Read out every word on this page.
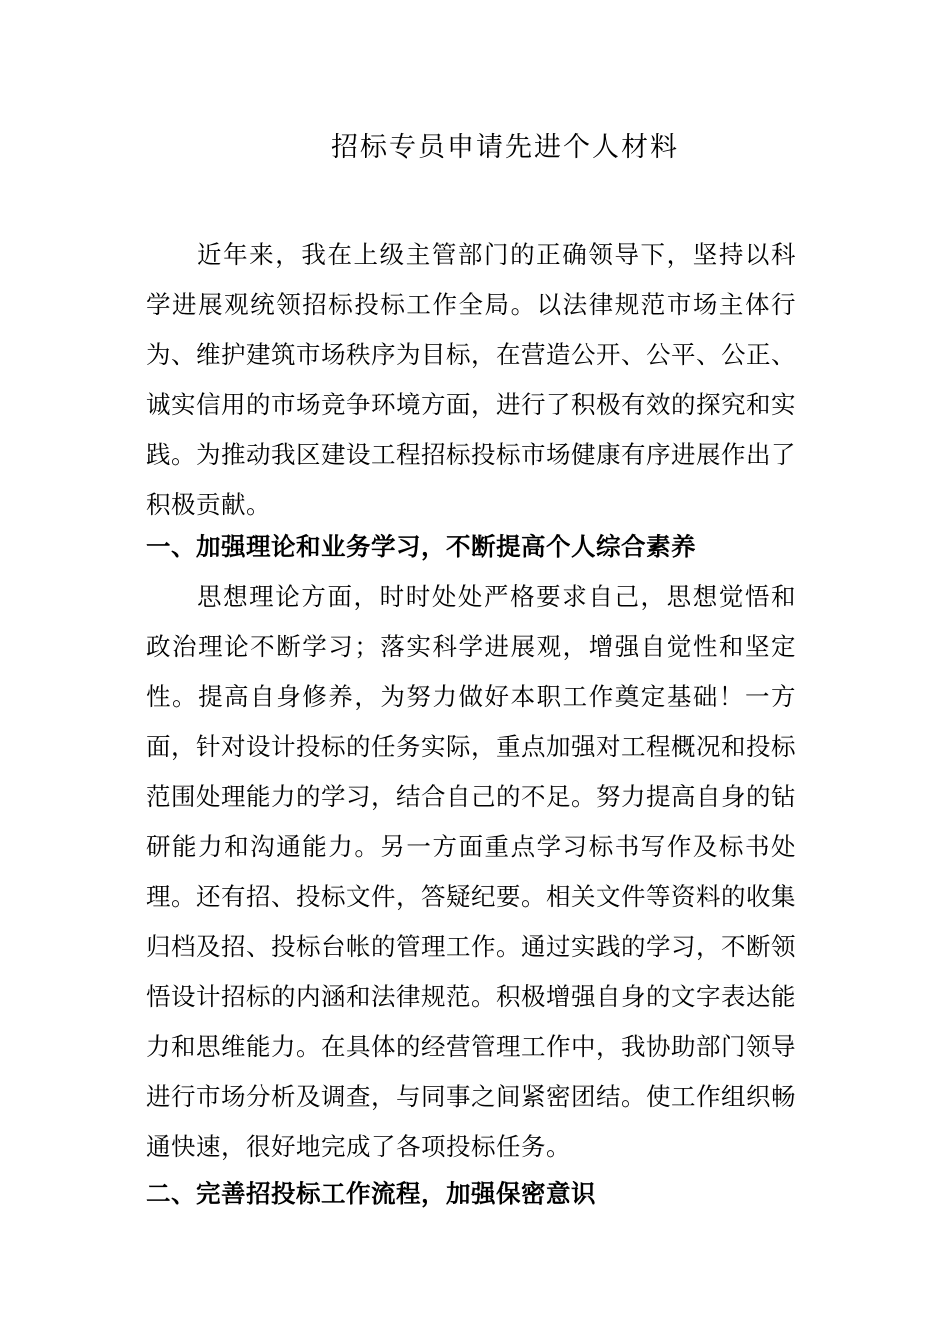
招标专员申请先进个人材料

近年来，我在上级主管部门的正确领导下，坚持以科学进展观统领招标投标工作全局。以法律规范市场主体行为、维护建筑市场秩序为目标，在营造公开、公平、公正、诚实信用的市场竞争环境方面，进行了积极有效的探究和实践。为推动我区建设工程招标投标市场健康有序进展作出了积极贡献。

一、加强理论和业务学习，不断提高个人综合素养

思想理论方面，时时处处严格要求自己，思想觉悟和政治理论不断学习；落实科学进展观，增强自觉性和坚定性。提高自身修养，为努力做好本职工作奠定基础！一方面，针对设计投标的任务实际，重点加强对工程概况和投标范围处理能力的学习，结合自己的不足。努力提高自身的钻研能力和沟通能力。另一方面重点学习标书写作及标书处理。还有招、投标文件，答疑纪要。相关文件等资料的收集归档及招、投标台帐的管理工作。通过实践的学习，不断领悟设计招标的内涵和法律规范。积极增强自身的文字表达能力和思维能力。在具体的经营管理工作中，我协助部门领导进行市场分析及调查，与同事之间紧密团结。使工作组织畅通快速，很好地完成了各项投标任务。

二、完善招投标工作流程，加强保密意识
